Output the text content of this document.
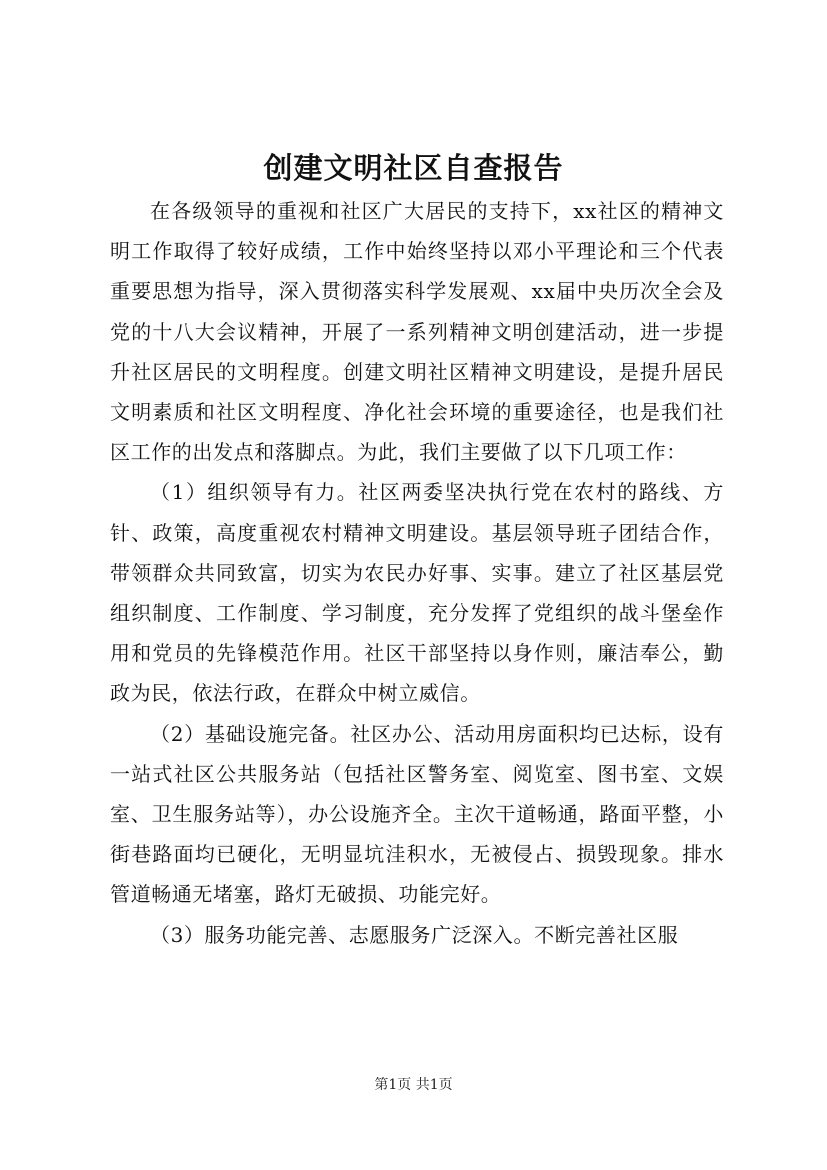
创建文明社区自查报告

在各级领导的重视和社区广大居民的支持下，xx社区的精神文明工作取得了较好成绩，工作中始终坚持以邓小平理论和三个代表重要思想为指导，深入贯彻落实科学发展观、xx届中央历次全会及党的十八大会议精神，开展了一系列精神文明创建活动，进一步提升社区居民的文明程度。创建文明社区精神文明建设，是提升居民文明素质和社区文明程度、净化社会环境的重要途径，也是我们社区工作的出发点和落脚点。为此，我们主要做了以下几项工作：

（1）组织领导有力。社区两委坚决执行党在农村的路线、方针、政策，高度重视农村精神文明建设。基层领导班子团结合作，带领群众共同致富，切实为农民办好事、实事。建立了社区基层党组织制度、工作制度、学习制度，充分发挥了党组织的战斗堡垒作用和党员的先锋模范作用。社区干部坚持以身作则，廉洁奉公，勤政为民，依法行政，在群众中树立威信。

（2）基础设施完备。社区办公、活动用房面积均已达标，设有一站式社区公共服务站（包括社区警务室、阅览室、图书室、文娱室、卫生服务站等），办公设施齐全。主次干道畅通，路面平整，小街巷路面均已硬化，无明显坑洼积水，无被侵占、损毁现象。排水管道畅通无堵塞，路灯无破损、功能完好。

（3）服务功能完善、志愿服务广泛深入。不断完善社区服

第1页 共1页
